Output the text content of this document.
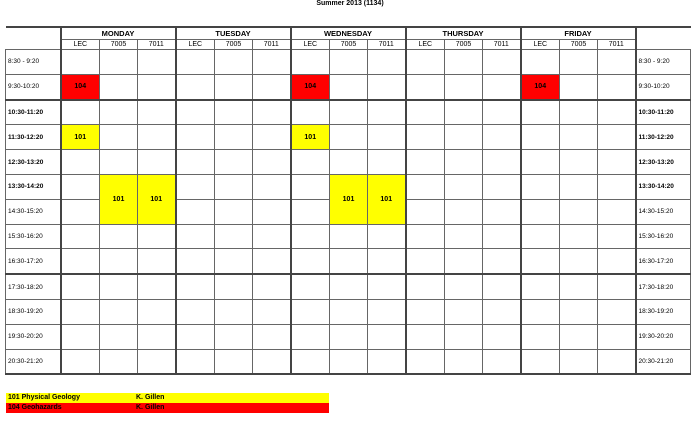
Summer 2013 (1134)
	MONDAY			TUESDAY			WEDNESDAY			THURSDAY			FRIDAY			
	LEC	7005	7011	LEC	7005	7011	LEC	7005	7011	LEC	7005	7011	LEC	7005	7011	
8:30 - 9:20																8:30 - 9:20
9:30-10:20	104						104						104			9:30-10:20
10:30-11:20																10:30-11:20
11:30-12:20	101						101									11:30-12:20
12:30-13:20																12:30-13:20
13:30-14:20		101	101					101	101							13:30-14:20
14:30-15:20																14:30-15:20
15:30-16:20																15:30-16:20
16:30-17:20																16:30-17:20
17:30-18:20																17:30-18:20
18:30-19:20																18:30-19:20
19:30-20:20																19:30-20:20
20:30-21:20																20:30-21:20
101 Physical Geology	K. Gillen
104 Geohazards	K. Gillen
